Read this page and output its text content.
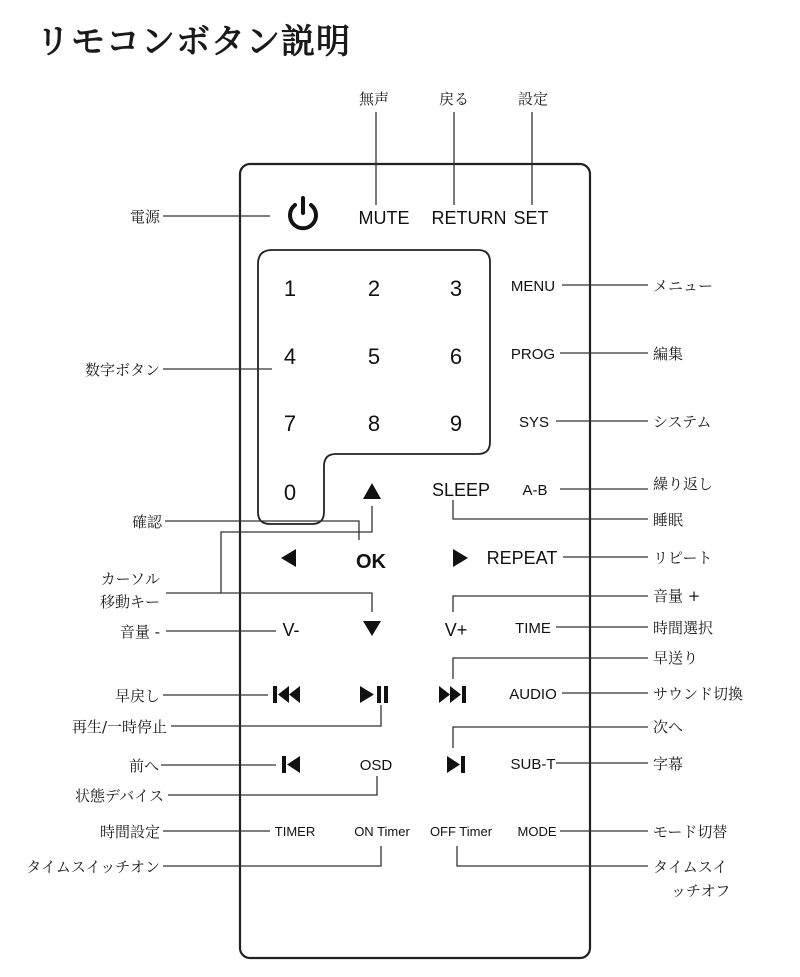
リモコンボタン説明
MUTE RETURN SET
1	2	3
4	5	6
7	8	9
0
MENU
PROG
SYS
SLEEP A-B
OK	REPEAT
V-	V+	TIME
AUDIO
OSD	SUB-T
TIMER	ON Timer OFF Timer MODE
無声	戻る	設定
電源
数字ボタン
確認
カーソル
移動キー
音量 -
早戻し
再生/一時停止
前へ
状態デバイス
時間設定
タイムスイッチオン
メニュー
編集
システム
繰り返し
睡眠
リピート
音量 +
時間選択
早送り
サウンド切換
次へ
字幕
モード切替
タイムスイ
ッチオフ
